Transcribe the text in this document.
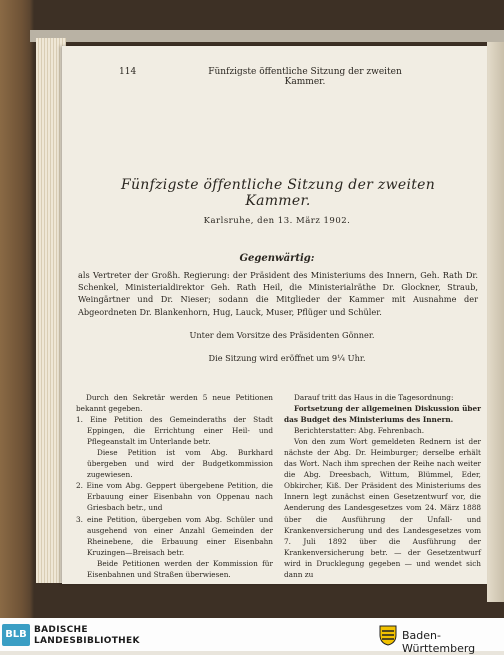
114	Fünfzigste öffentliche Sitzung der zweiten Kammer.
Fünfzigste öffentliche Sitzung der zweiten Kammer.
Karlsruhe, den 13. März 1902.
Gegenwärtig:
als Vertreter der Großh. Regierung: der Präsident des Ministeriums des Innern, Geh. Rath Dr. Schenkel, Ministerialdirektor Geh. Rath Heil, die Ministerialräthe Dr. Glockner, Straub, Weingärtner und Dr. Nieser; sodann die Mitglieder der Kammer mit Ausnahme der Abgeordneten Dr. Blankenhorn, Hug, Lauck, Muser, Pflüger und Schüler.
Unter dem Vorsitze des Präsidenten Gönner.
Die Sitzung wird eröffnet um 9¼ Uhr.

Durch den Sekretär werden 5 neue Petitionen bekannt gegeben.

1. Eine Petition des Gemeinderaths der Stadt Eppingen, die Errichtung einer Heil- und Pflegeanstalt im Unterlande betr.

Diese Petition ist vom Abg. Burkhard übergeben und wird der Budgetkommission zugewiesen.

2. Eine vom Abg. Geppert übergebene Petition, die Erbauung einer Eisenbahn von Oppenau nach Griesbach betr., und

3. eine Petition, übergeben vom Abg. Schüler und ausgehend von einer Anzahl Gemeinden der Rheinebene, die Erbauung einer Eisenbahn Kruzingen—Breisach betr.

Beide Petitionen werden der Kommission für Eisenbahnen und Straßen überwiesen.

Darauf tritt das Haus in die Tagesordnung:

Fortsetzung der allgemeinen Diskussion über das Budget des Ministeriums des Innern.

Berichterstatter: Abg. Fehrenbach.

Von den zum Wort gemeldeten Rednern ist der nächste der Abg. Dr. Heimburger; derselbe erhält das Wort. Nach ihm sprechen der Reihe nach weiter die Abg. Dreesbach, Wittum, Blümmel, Eder, Obkircher, Kiß. Der Präsident des Ministeriums des Innern legt zunächst einen Gesetzentwurf vor, die Aenderung des Landesgesetzes vom 24. März 1888 über die Ausführung der Unfall- und Krankenversicherung und des Landesgesetzes vom 7. Juli 1892 über die Ausführung der Krankenversicherung betr. — der Gesetzentwurf wird in Drucklegung gegeben — und wendet sich dann zu

BLB BADISCHE
LANDESBIBLIOTHEK	Baden-Württemberg
